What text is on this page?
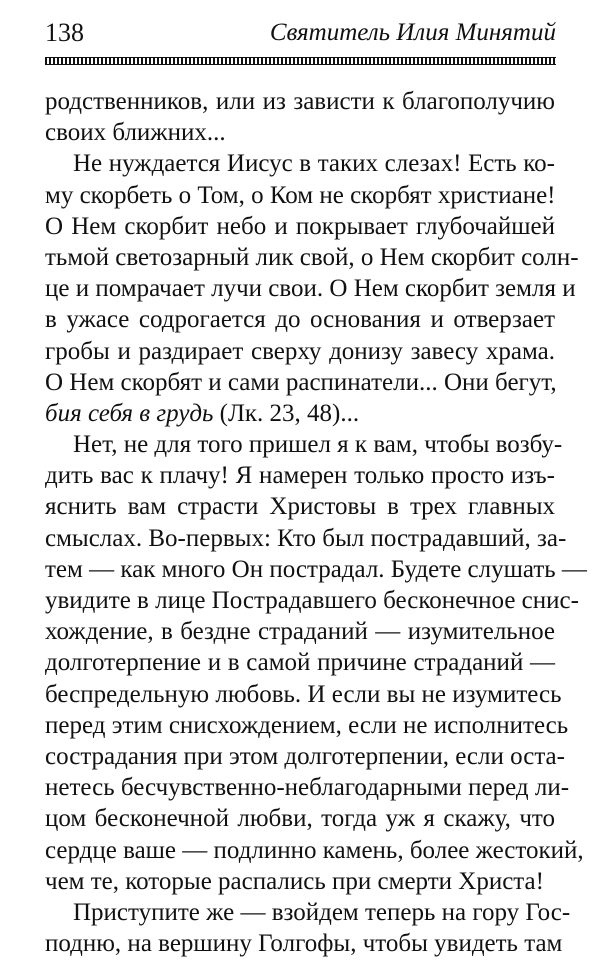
138	Святитель Илия Минятий
родственников, или из зависти к благополучию
своих ближних...
Не нуждается Иисус в таких слезах! Есть ко-
му скорбеть о Том, о Ком не скорбят христиане!
О Нем скорбит небо и покрывает глубочайшей
тьмой светозарный лик свой, о Нем скорбит солн-
це и помрачает лучи свои. О Нем скорбит земля и
в ужасе содрогается до основания и отверзает
гробы и раздирает сверху донизу завесу храма.
О Нем скорбят и сами распинатели... Они бегут,
бия себя в грудь (Лк. 23, 48)...
Нет, не для того пришел я к вам, чтобы возбу-
дить вас к плачу! Я намерен только просто изъ-
яснить вам страсти Христовы в трех главных
смыслах. Во-первых: Кто был пострадавший, за-
тем — как много Он пострадал. Будете слушать —
увидите в лице Пострадавшего бесконечное снис-
хождение, в бездне страданий — изумительное
долготерпение и в самой причине страданий —
беспредельную любовь. И если вы не изумитесь
перед этим снисхождением, если не исполнитесь
сострадания при этом долготерпении, если оста-
нетесь бесчувственно-неблагодарными перед ли-
цом бесконечной любви, тогда уж я скажу, что
сердце ваше — подлинно камень, более жестокий,
чем те, которые распались при смерти Христа!
Приступите же — взойдем теперь на гору Гос-
подню, на вершину Голгофы, чтобы увидеть там
